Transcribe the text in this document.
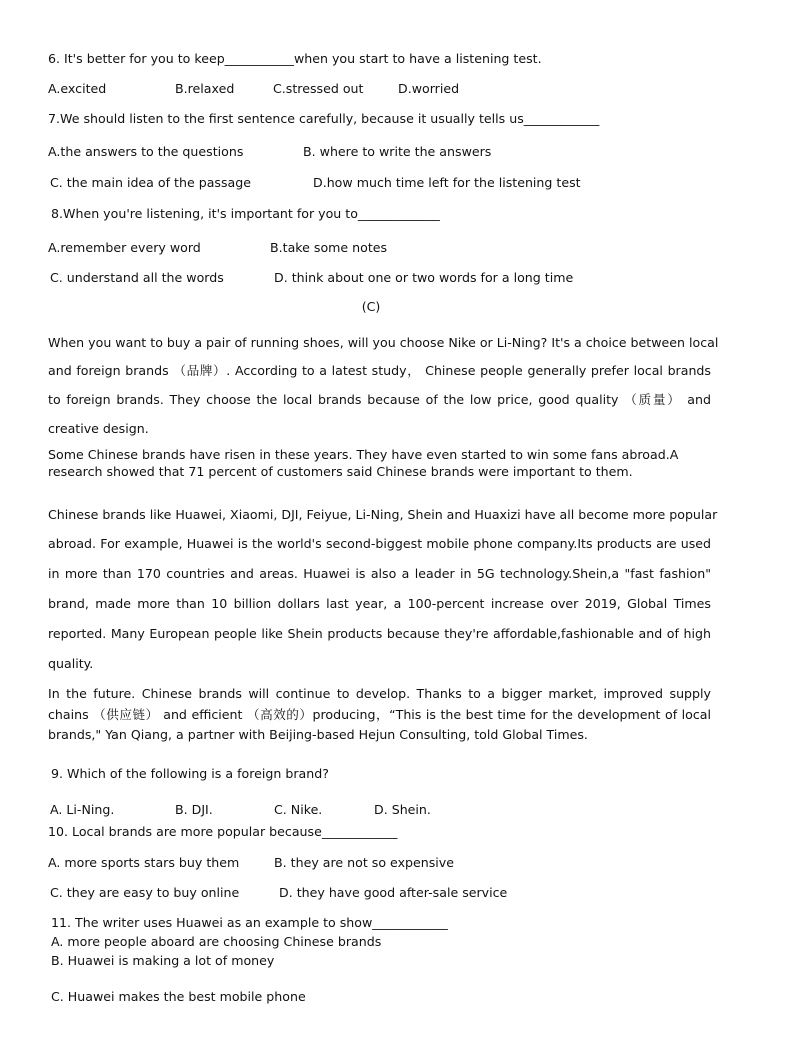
6. It's better for you to keep___________when you start to have a listening test.
A.excited	B.relaxed	C.stressed out	D.worried
7.We should listen to the first sentence carefully, because it usually tells us____________
A.the answers to the questions	B. where to write the answers
C. the main idea of the passage	D.how much time left for the listening test
8.When you're listening, it's important for you to_____________
A.remember every word	B.take some notes
C. understand all the words	D. think about one or two words for a long time
(C)
When you want to buy a pair of running shoes, will you choose Nike or Li-Ning? It's a choice between local
and foreign brands （品牌）. According to a latest study， Chinese people generally prefer local brands
to foreign brands. They choose the local brands because of the low price, good quality （质量） and
creative design.
Some Chinese brands have risen in these years. They have even started to win some fans abroad.A research showed that 71 percent of customers said Chinese brands were important to them.
Chinese brands like Huawei, Xiaomi, DJI, Feiyue, Li-Ning, Shein and Huaxizi have all become more popular
abroad. For example, Huawei is the world's second-biggest mobile phone company.Its products are used
in more than 170 countries and areas. Huawei is also a leader in 5G technology.Shein,a "fast fashion"
brand, made more than 10 billion dollars last year, a 100-percent increase over 2019, Global Times
reported. Many European people like Shein products because they're affordable,fashionable and of high
quality.
In the future. Chinese brands will continue to develop. Thanks to a bigger market, improved supply
chains （供应链） and efficient （高效的）producing，“This is the best time for the development of local
brands," Yan Qiang, a partner with Beijing-based Hejun Consulting, told Global Times.
9. Which of the following is a foreign brand?
A. Li-Ning.	B. DJI.	C. Nike.	D. Shein.
10. Local brands are more popular because____________
A. more sports stars buy them	B. they are not so expensive
C. they are easy to buy online	D. they have good after-sale service
11. The writer uses Huawei as an example to show____________
A. more people aboard are choosing Chinese brands
B. Huawei is making a lot of money
C. Huawei makes the best mobile phone
